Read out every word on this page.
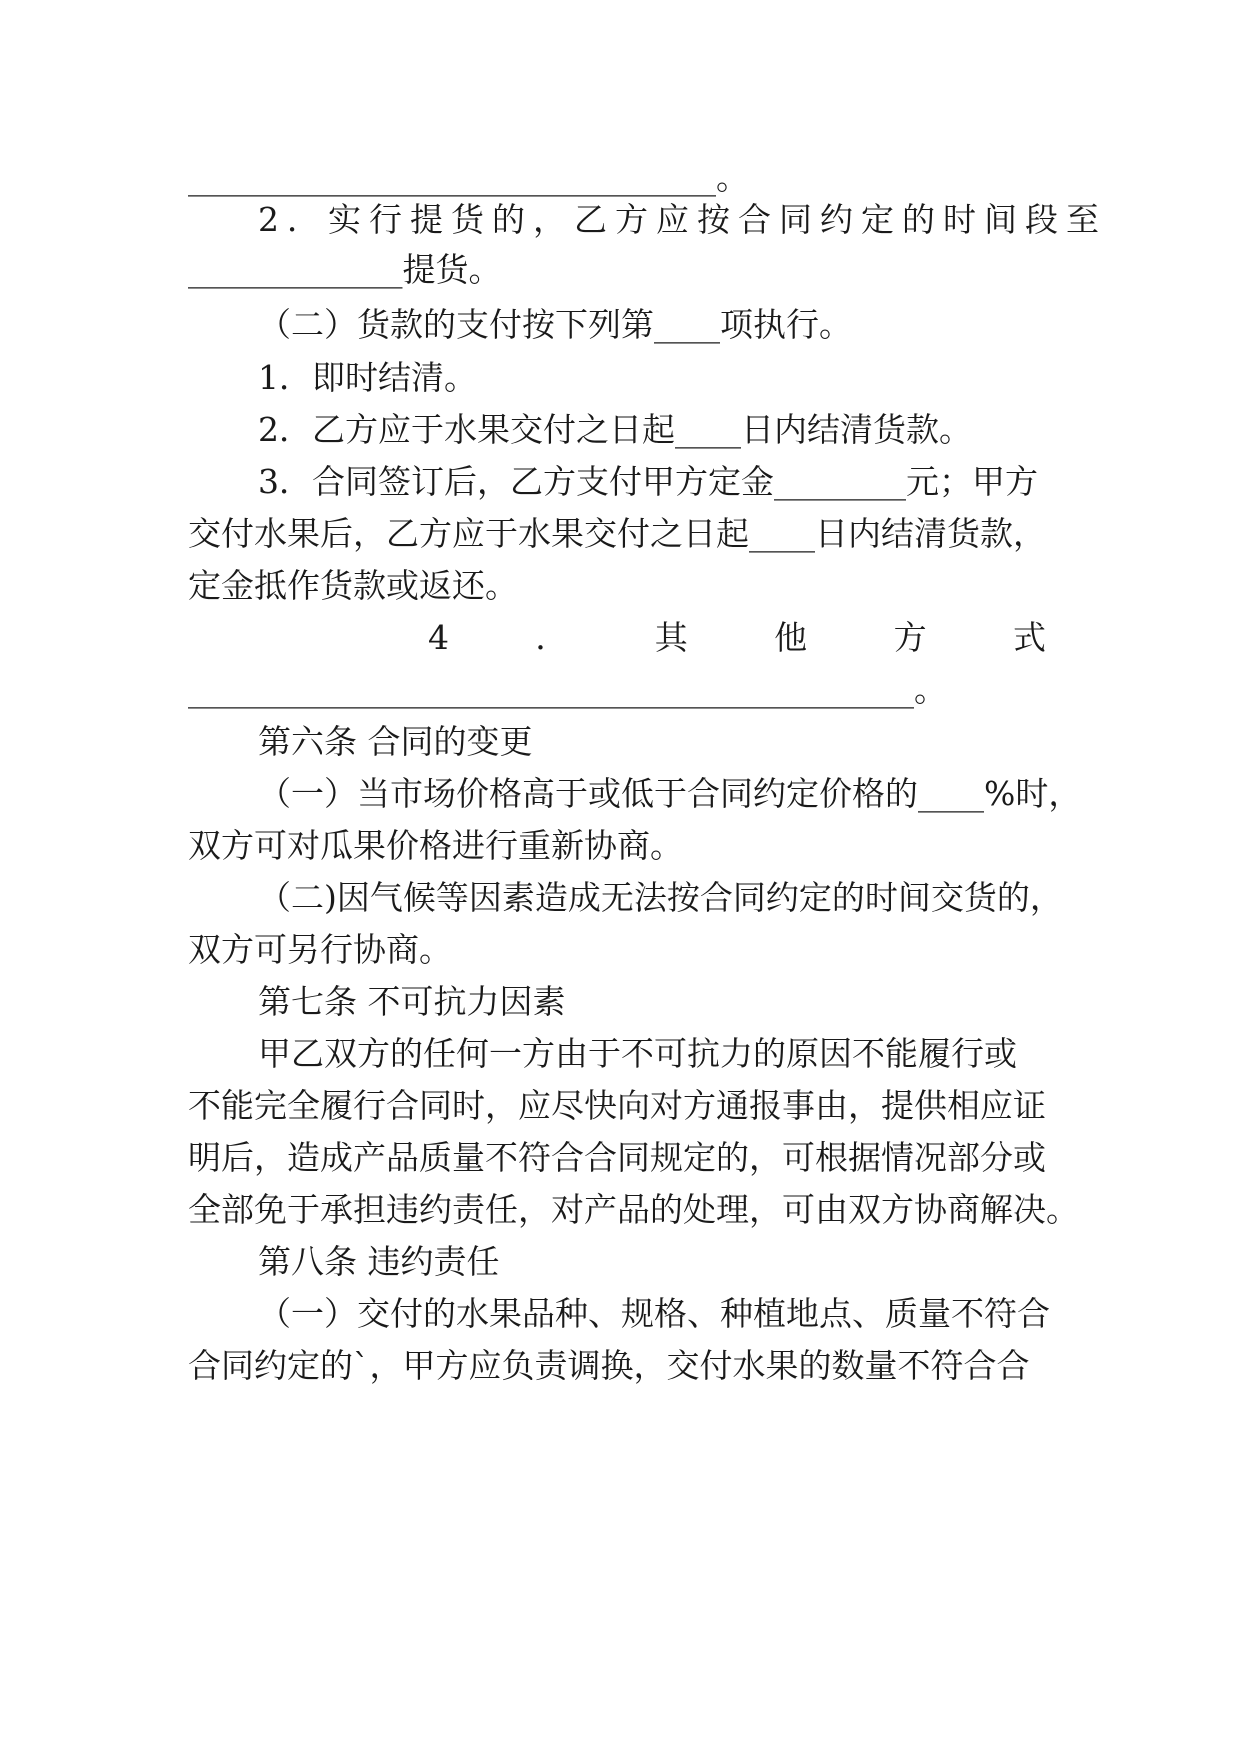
________________________________。
2．实行提货的，乙方应按合同约定的时间段至
_____________提货。
（二）货款的支付按下列第____项执行。
1．即时结清。
2．乙方应于水果交付之日起____日内结清货款。
3．合同签订后，乙方支付甲方定金________元；甲方
交付水果后，乙方应于水果交付之日起____日内结清货款，
定金抵作货款或返还。
4	．	其	他	方	式
____________________________________________。
第六条 合同的变更
（一）当市场价格高于或低于合同约定价格的____%时，
双方可对瓜果价格进行重新协商。
（二)因气候等因素造成无法按合同约定的时间交货的，
双方可另行协商。
第七条 不可抗力因素
甲乙双方的任何一方由于不可抗力的原因不能履行或
不能完全履行合同时，应尽快向对方通报事由，提供相应证
明后，造成产品质量不符合合同规定的，可根据情况部分或
全部免于承担违约责任，对产品的处理，可由双方协商解决。
第八条 违约责任
（一）交付的水果品种、规格、种植地点、质量不符合
合同约定的`，甲方应负责调换，交付水果的数量不符合合
